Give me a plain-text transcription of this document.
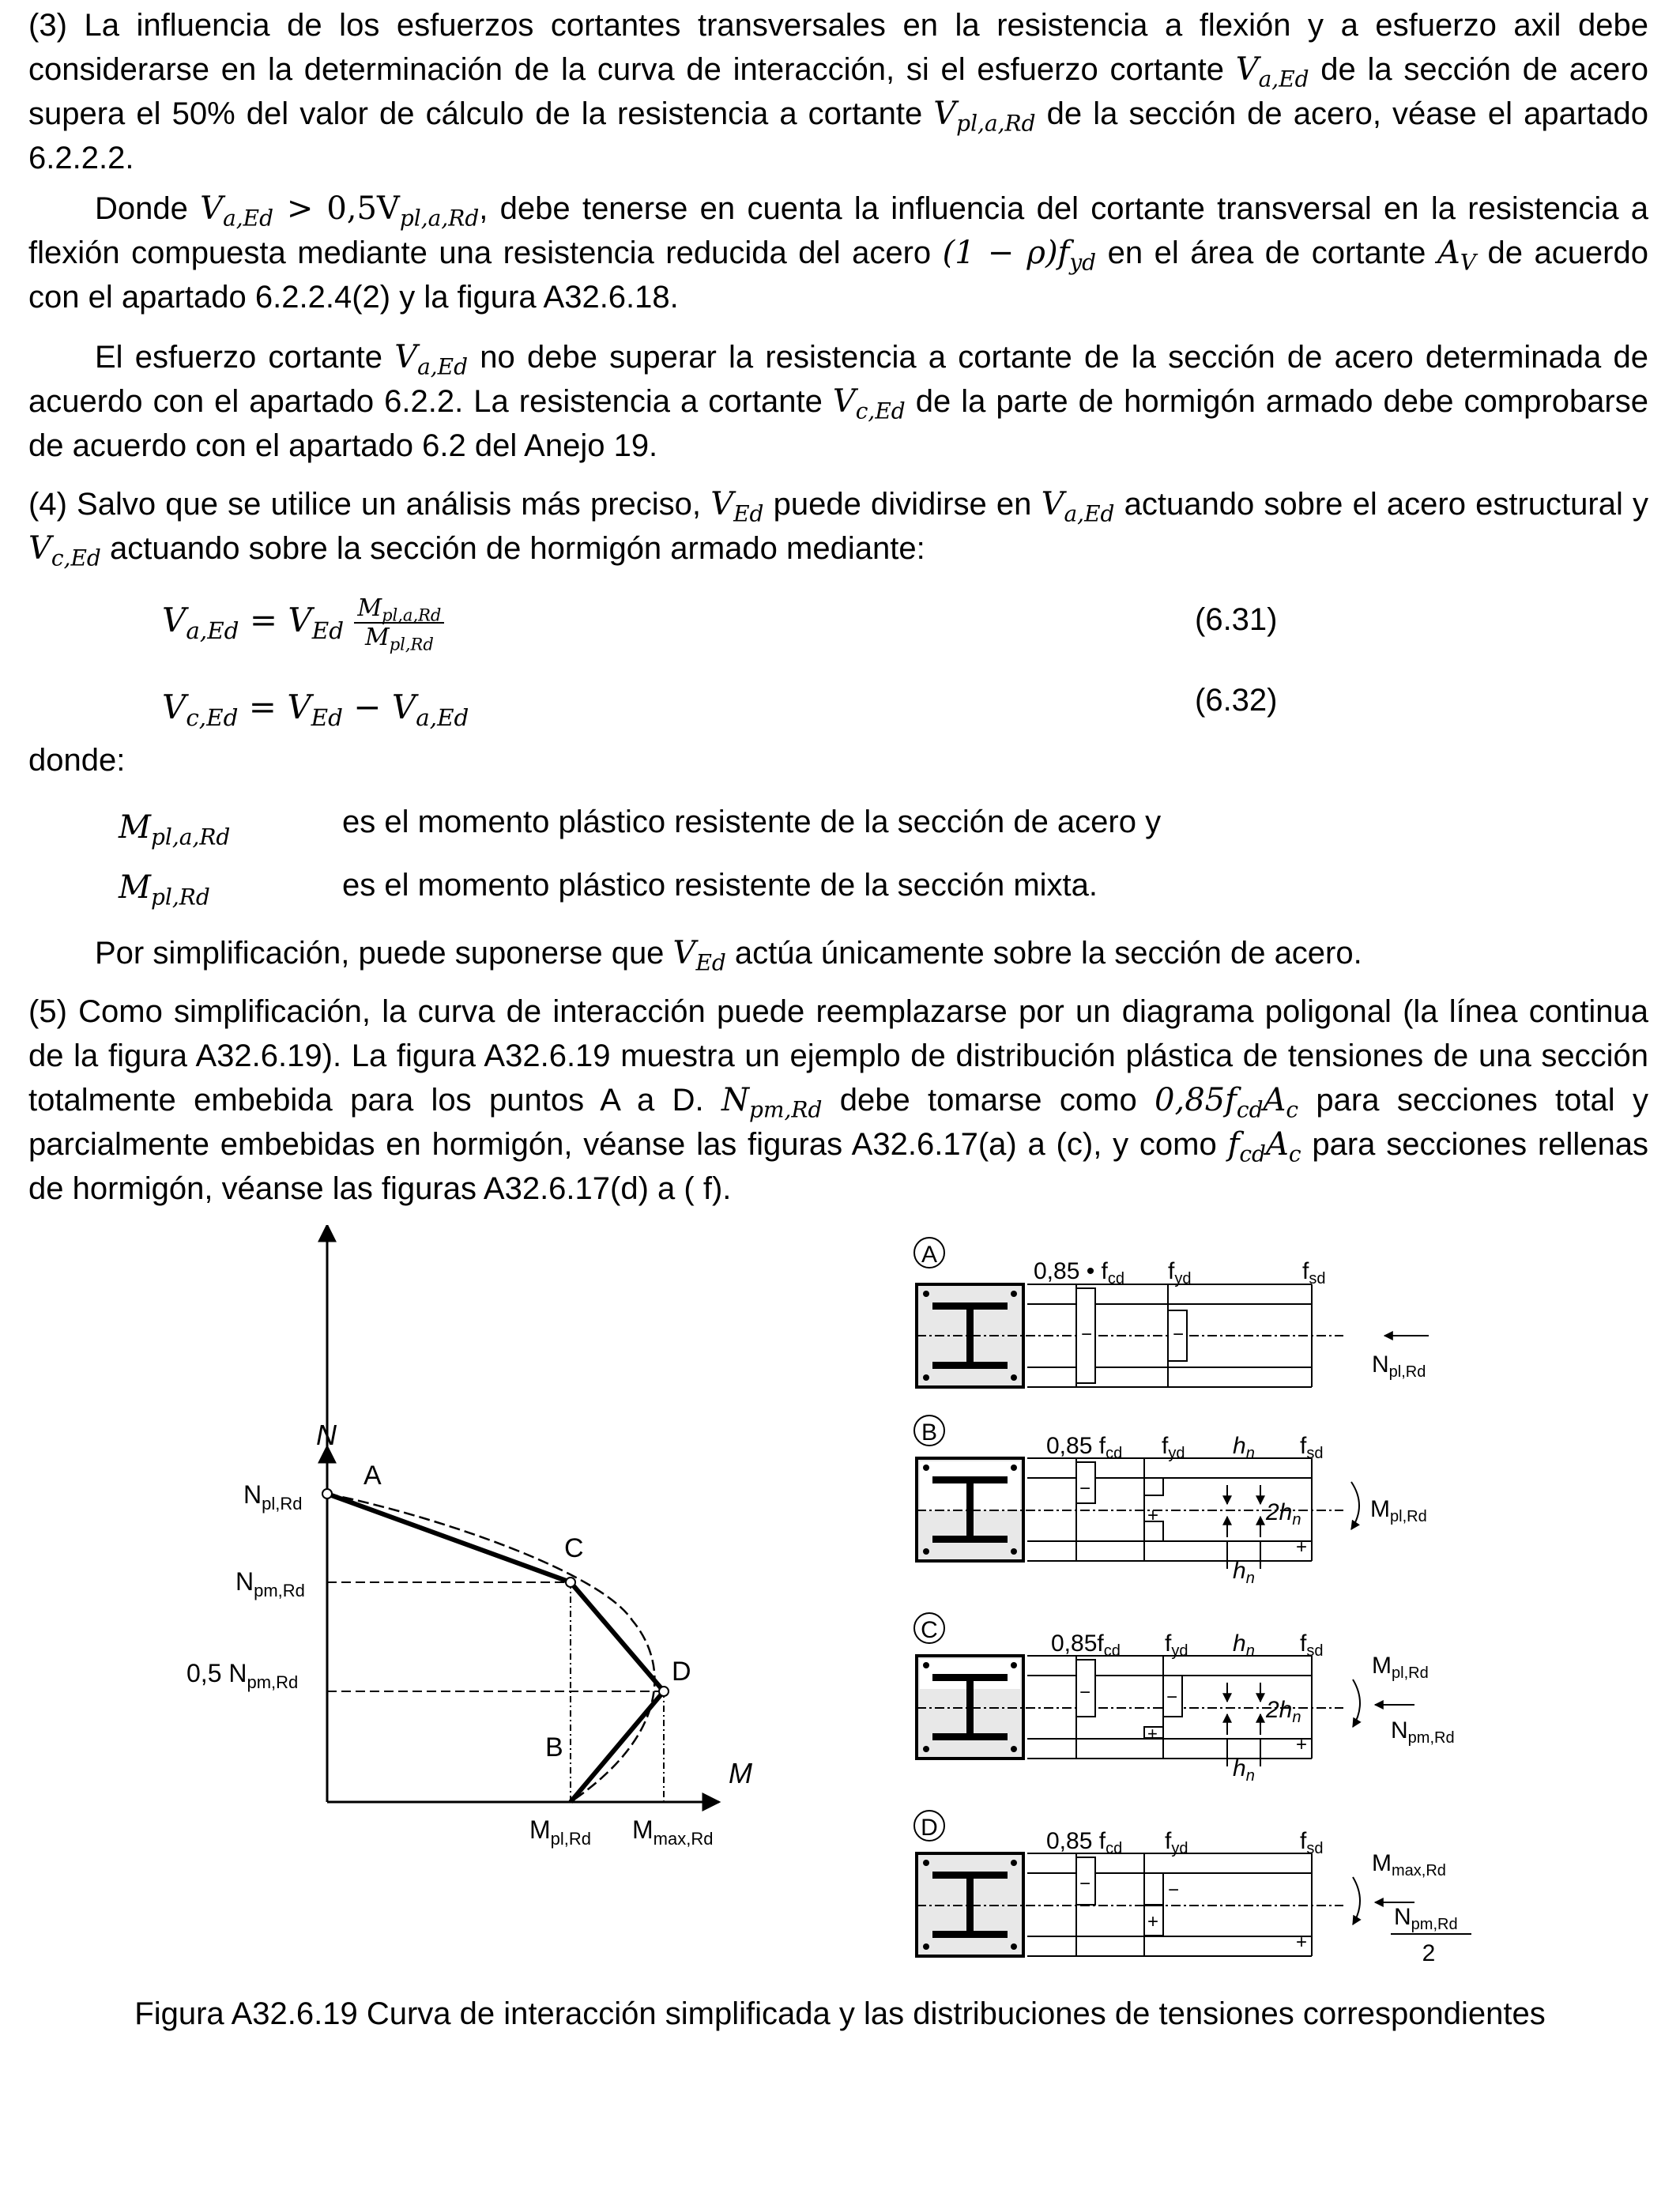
(3) La influencia de los esfuerzos cortantes transversales en la resistencia a flexión y a esfuerzo axil debe considerarse en la determinación de la curva de interacción, si el esfuerzo cortante $V_{a,Ed}$ de la sección de acero supera el 50% del valor de cálculo de la resistencia a cortante $V_{pl,a,Rd}$ de la sección de acero, véase el apartado 6.2.2.2.
Donde $V_{a,Ed} > 0,5V_{pl,a,Rd}$, debe tenerse en cuenta la influencia del cortante transversal en la resistencia a flexión compuesta mediante una resistencia reducida del acero $(1 - \rho)f_{yd}$ en el área de cortante $A_V$ de acuerdo con el apartado 6.2.2.4(2) y la figura A32.6.18.
El esfuerzo cortante $V_{a,Ed}$ no debe superar la resistencia a cortante de la sección de acero determinada de acuerdo con el apartado 6.2.2. La resistencia a cortante $V_{c,Ed}$ de la parte de hormigón armado debe comprobarse de acuerdo con el apartado 6.2 del Anejo 19.
(4) Salvo que se utilice un análisis más preciso, $V_{Ed}$ puede dividirse en $V_{a,Ed}$ actuando sobre el acero estructural y $V_{c,Ed}$ actuando sobre la sección de hormigón armado mediante:
$V_{a,Ed} = V_{Ed} \frac{M_{pl,a,Rd}}{M_{pl,Rd}}$	(6.31)
$V_{c,Ed} = V_{Ed} - V_{a,Ed}$	(6.32)
donde:
$M_{pl,a,Rd}$	es el momento plástico resistente de la sección de acero y
$M_{pl,Rd}$	es el momento plástico resistente de la sección mixta.
Por simplificación, puede suponerse que $V_{Ed}$ actúa únicamente sobre la sección de acero.
(5) Como simplificación, la curva de interacción puede reemplazarse por un diagrama poligonal (la línea continua de la figura A32.6.19). La figura A32.6.19 muestra un ejemplo de distribución plástica de tensiones de una sección totalmente embebida para los puntos A a D. $N_{pm,Rd}$ debe tomarse como $0,85f_{cd}A_c$ para secciones total y parcialmente embebidas en hormigón, véanse las figuras A32.6.17(a) a (c), y como $f_{cd}A_c$ para secciones rellenas de hormigón, véanse las figuras A32.6.17(d) a ( f).
N
M
A
C
D
B
$N_{pl,Rd}$
$N_{pm,Rd}$
0,5 $N_{pm,Rd}$
$M_{pl,Rd}$ $M_{max,Rd}$
A
−	−
0,85 • $f_{cd}$ $f_{yd}$	$f_{sd}$
$N_{pl,Rd}$
B
−
+
+
0,85 $f_{cd}$ $f_{yd}$ $h_n$ $f_{sd}$
$2h_n$
$h_n$
$M_{pl,Rd}$
C
−	−
+
+
$0,85f_{cd}$ $f_{yd}$ $h_n$ $f_{sd}$
$2h_n$
$h_n$
$M_{pl,Rd}$
$N_{pm,Rd}$
D
−	−
+
+
0,85 $f_{cd}$ $f_{yd}$	$f_{sd}$
$M_{max,Rd}$
$N_{pm,Rd}$
2
Figura A32.6.19 Curva de interacción simplificada y las distribuciones de tensiones correspondientes
